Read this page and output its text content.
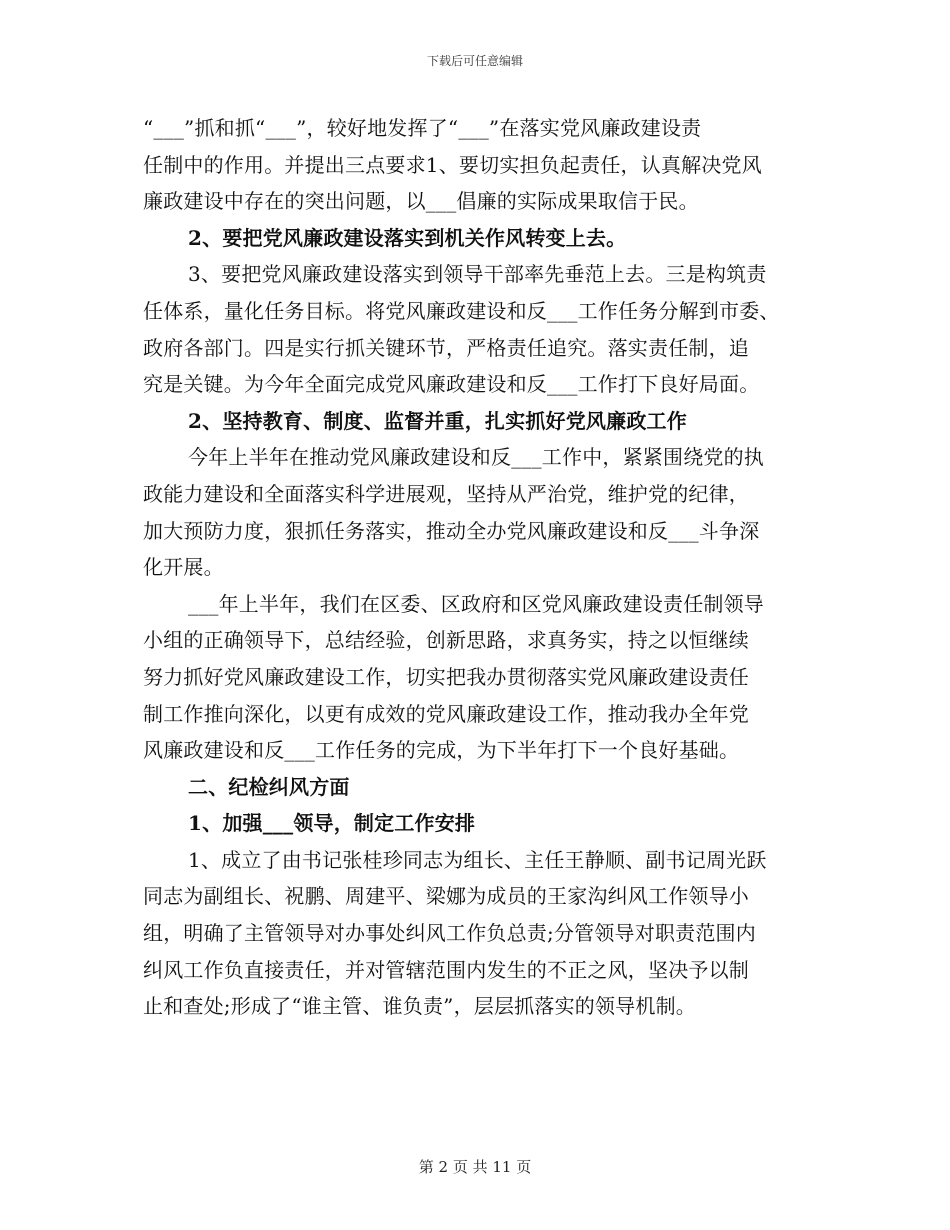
下载后可任意编辑
“___”抓和抓“___”，较好地发挥了“___”在落实党风廉政建设责
任制中的作用。并提出三点要求1、要切实担负起责任，认真解决党风
廉政建设中存在的突出问题，以___倡廉的实际成果取信于民。
2、要把党风廉政建设落实到机关作风转变上去。
3、要把党风廉政建设落实到领导干部率先垂范上去。三是构筑责
任体系，量化任务目标。将党风廉政建设和反___工作任务分解到市委、
政府各部门。四是实行抓关键环节，严格责任追究。落实责任制，追
究是关键。为今年全面完成党风廉政建设和反___工作打下良好局面。
2、坚持教育、制度、监督并重，扎实抓好党风廉政工作
今年上半年在推动党风廉政建设和反___工作中，紧紧围绕党的执
政能力建设和全面落实科学进展观，坚持从严治党，维护党的纪律，
加大预防力度，狠抓任务落实，推动全办党风廉政建设和反___斗争深
化开展。
___年上半年，我们在区委、区政府和区党风廉政建设责任制领导
小组的正确领导下，总结经验，创新思路，求真务实，持之以恒继续
努力抓好党风廉政建设工作，切实把我办贯彻落实党风廉政建设责任
制工作推向深化，以更有成效的党风廉政建设工作，推动我办全年党
风廉政建设和反___工作任务的完成，为下半年打下一个良好基础。
二、纪检纠风方面
1、加强___领导，制定工作安排
1、成立了由书记张桂珍同志为组长、主任王静顺、副书记周光跃
同志为副组长、祝鹏、周建平、梁娜为成员的王家沟纠风工作领导小
组，明确了主管领导对办事处纠风工作负总责;分管领导对职责范围内
纠风工作负直接责任，并对管辖范围内发生的不正之风，坚决予以制
止和查处;形成了“谁主管、谁负责”，层层抓落实的领导机制。
第 2 页 共 11 页
